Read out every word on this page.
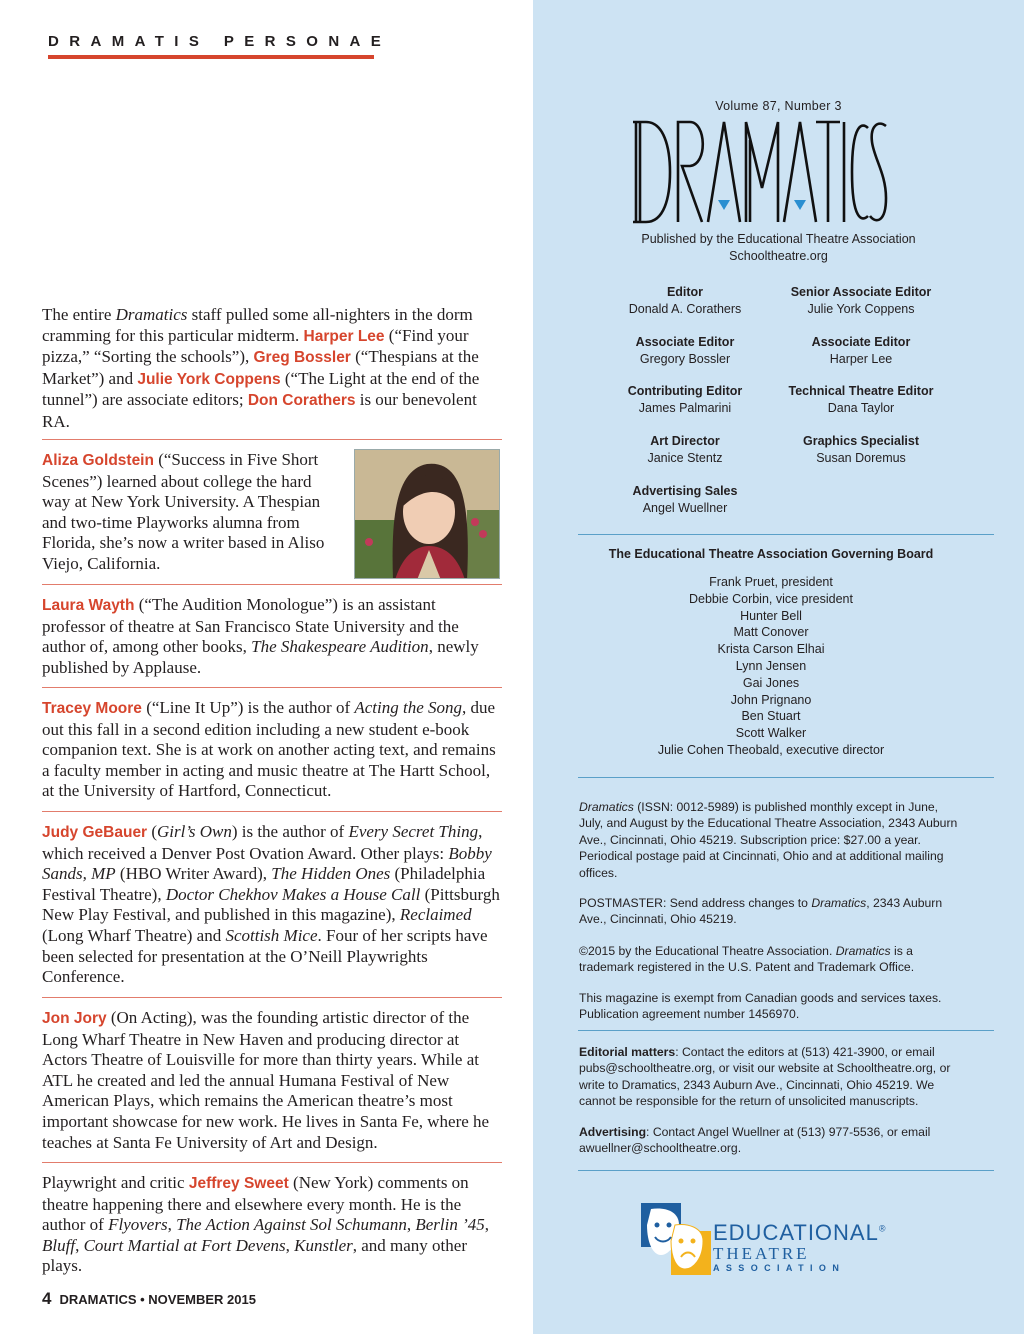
DRAMATIS PERSONAE

The entire Dramatics staff pulled some all-nighters in the dorm cramming for this particular midterm. Harper Lee (“Find your pizza,” “Sorting the schools”), Greg Bossler (“Thespians at the Market”) and Julie York Coppens (“The Light at the end of the tunnel”) are associate editors; Don Corathers is our benevolent RA.

Aliza Goldstein (“Success in Five Short Scenes”) learned about college the hard way at New York University. A Thespian and two-time Playworks alumna from Florida, she’s now a writer based in Aliso Viejo, California.

Laura Wayth (“The Audition Monologue”) is an assistant professor of theatre at San Francisco State University and the author of, among other books, The Shakespeare Audition, newly published by Applause.

Tracey Moore (“Line It Up”) is the author of Acting the Song, due out this fall in a second edition including a new student e-book companion text. She is at work on another acting text, and remains a faculty member in acting and music theatre at The Hartt School, at the University of Hartford, Connecticut.

Judy GeBauer (Girl’s Own) is the author of Every Secret Thing, which received a Denver Post Ovation Award. Other plays: Bobby Sands, MP (HBO Writer Award), The Hidden Ones (Philadelphia Festival Theatre), Doctor Chekhov Makes a House Call (Pittsburgh New Play Festival, and published in this magazine), Reclaimed (Long Wharf Theatre) and Scottish Mice. Four of her scripts have been selected for presentation at the O’Neill Playwrights Conference.

Jon Jory (On Acting), was the founding artistic director of the Long Wharf Theatre in New Haven and producing director at Actors Theatre of Louisville for more than thirty years. While at ATL he created and led the annual Humana Festival of New American Plays, which remains the American theatre’s most important showcase for new work. He lives in Santa Fe, where he teaches at Santa Fe University of Art and Design.

Playwright and critic Jeffrey Sweet (New York) comments on theatre happening there and elsewhere every month. He is the author of Flyovers, The Action Against Sol Schumann, Berlin ’45, Bluff, Court Martial at Fort Devens, Kunstler, and many other plays.

4 DRAMATICS • NOVEMBER 2015
Volume 87, Number 3
Published by the Educational Theatre Association
Schooltheatre.org
Editor
Donald A. Corathers
Senior Associate Editor
Julie York Coppens
Associate Editor
Gregory Bossler
Associate Editor
Harper Lee
Contributing Editor
James Palmarini
Technical Theatre Editor
Dana Taylor
Art Director
Janice Stentz
Graphics Specialist
Susan Doremus
Advertising Sales
Angel Wuellner
The Educational Theatre Association Governing Board
Frank Pruet, president
Debbie Corbin, vice president
Hunter Bell
Matt Conover
Krista Carson Elhai
Lynn Jensen
Gai Jones
John Prignano
Ben Stuart
Scott Walker
Julie Cohen Theobald, executive director

Dramatics (ISSN: 0012-5989) is published monthly except in June, July, and August by the Educational Theatre Association, 2343 Auburn Ave., Cincinnati, Ohio 45219. Subscription price: $27.00 a year. Periodical postage paid at Cincinnati, Ohio and at additional mailing offices.

POSTMASTER: Send address changes to Dramatics, 2343 Auburn Ave., Cincinnati, Ohio 45219.

©2015 by the Educational Theatre Association. Dramatics is a trademark registered in the U.S. Patent and Trademark Office.

This magazine is exempt from Canadian goods and services taxes. Publication agreement number 1456970.

Editorial matters: Contact the editors at (513) 421-3900, or email pubs@schooltheatre.org, or visit our website at Schooltheatre.org, or write to Dramatics, 2343 Auburn Ave., Cincinnati, Ohio 45219. We cannot be responsible for the return of unsolicited manuscripts.

Advertising: Contact Angel Wuellner at (513) 977-5536, or email awuellner@schooltheatre.org.

EDUCATIONAL®
THEATRE
ASSOCIATION
